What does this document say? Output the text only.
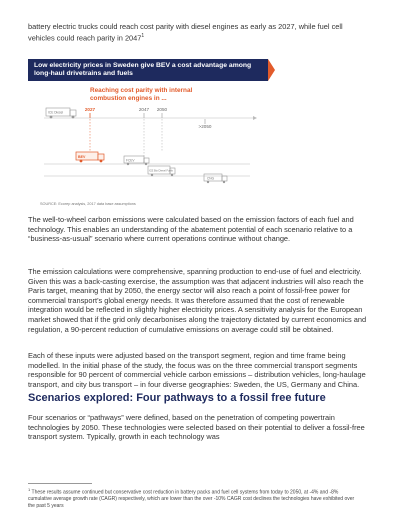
battery electric trucks could reach cost parity with diesel engines as early as 2027, while fuel cell vehicles could reach parity in 2047$^1$

Low electricity prices in Sweden give BEV a cost advantage among long-haul drivetrains and fuels
Reaching cost parity with internal
combustion engines in ...
2027	2047 2050
>2050
ICE Diesel
BEV
FCEV
ICE Bio Diesel Fuels
CNG
SOURCE: Ecorep analysis, 2017 data base assumptions

The well-to-wheel carbon emissions were calculated based on the emission factors of each fuel and technology. This enables an understanding of the abatement potential of each scenario relative to a “business-as-usual” scenario where current operations continue without change.

The emission calculations were comprehensive, spanning production to end-use of fuel and electricity. Given this was a back-casting exercise, the assumption was that adjacent industries will also reach the Paris target, meaning that by 2050, the energy sector will also reach a point of fossil-free power for commercial transport’s global energy needs. It was therefore assumed that the cost of renewable integration would be reflected in slightly higher electricity prices. A sensitivity analysis for the European market showed that if the grid only decarbonises along the trajectory dictated by current economics and regulation, a 90-percent reduction of cumulative emissions on average could still be obtained.

Each of these inputs were adjusted based on the transport segment, region and time frame being modelled. In the initial phase of the study, the focus was on the three commercial transport segments responsible for 90 percent of commercial vehicle carbon emissions – distribution vehicles, long-haulage transport, and city bus transport – in four diverse geographies: Sweden, the US, Germany and China.

Scenarios explored: Four pathways to a fossil free future

Four scenarios or “pathways” were defined, based on the penetration of competing powertrain technologies by 2050. These technologies were selected based on their potential to deliver a fossil-free transport system. Typically, growth in each technology was

$^1$ These results assume continued but conservative cost reduction in battery packs and fuel cell systems from today to 2050, at -4% and -8% cumulative average growth rate (CAGR) respectively, which are lower than the over -10% CAGR cost declines the technologies have exhibited over the past 5 years
